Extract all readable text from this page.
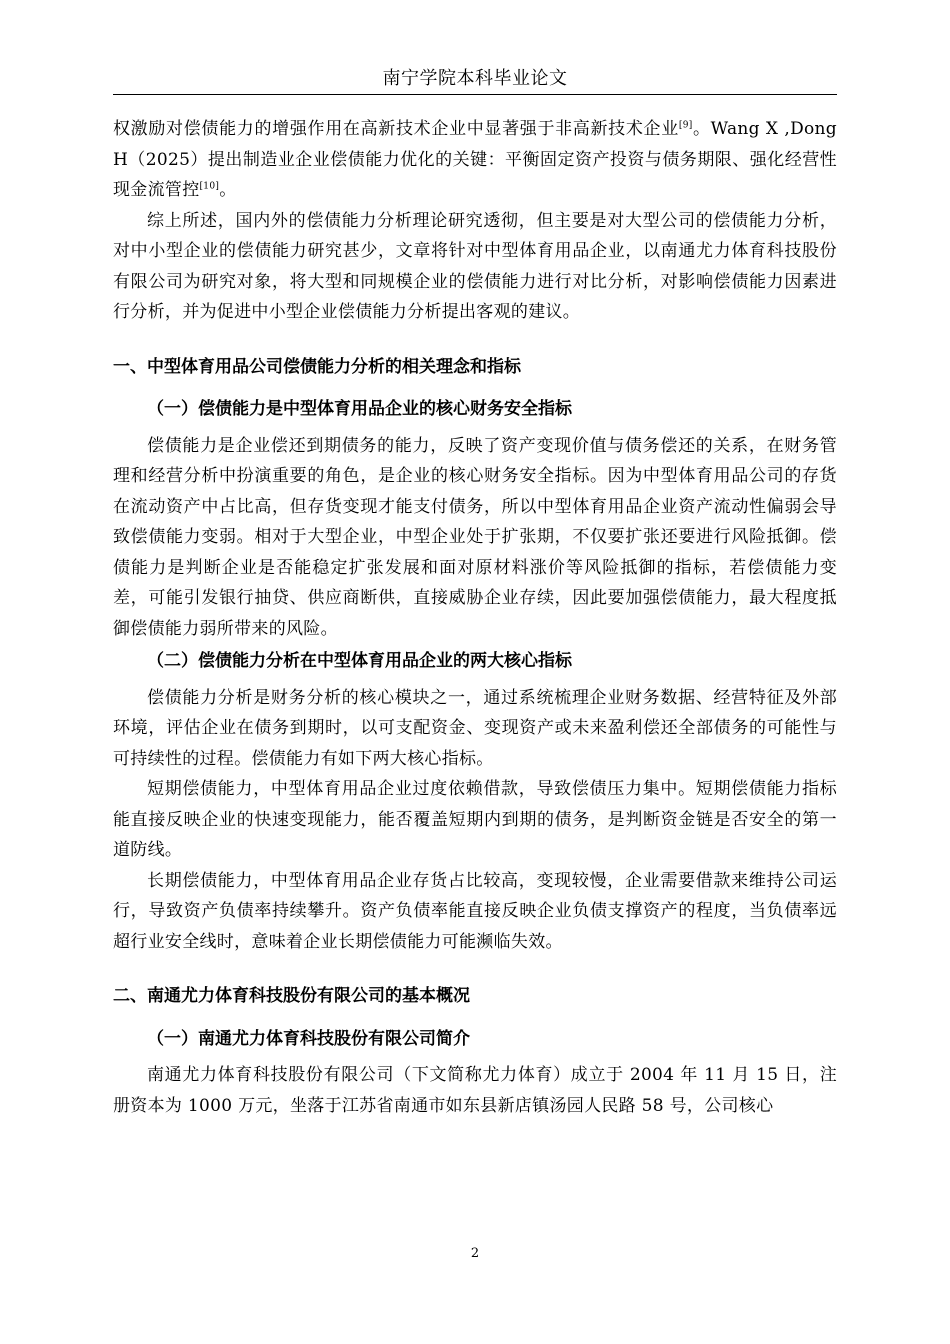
南宁学院本科毕业论文

权激励对偿债能力的增强作用在高新技术企业中显著强于非高新技术企业[9]。Wang X ,Dong H（2025）提出制造业企业偿债能力优化的关键：平衡固定资产投资与债务期限、强化经营性现金流管控[10]。

综上所述，国内外的偿债能力分析理论研究透彻，但主要是对大型公司的偿债能力分析，对中小型企业的偿债能力研究甚少，文章将针对中型体育用品企业，以南通尤力体育科技股份有限公司为研究对象，将大型和同规模企业的偿债能力进行对比分析，对影响偿债能力因素进行分析，并为促进中小型企业偿债能力分析提出客观的建议。

一、中型体育用品公司偿债能力分析的相关理念和指标

（一）偿债能力是中型体育用品企业的核心财务安全指标

偿债能力是企业偿还到期债务的能力，反映了资产变现价值与债务偿还的关系，在财务管理和经营分析中扮演重要的角色，是企业的核心财务安全指标。因为中型体育用品公司的存货在流动资产中占比高，但存货变现才能支付债务，所以中型体育用品企业资产流动性偏弱会导致偿债能力变弱。相对于大型企业，中型企业处于扩张期，不仅要扩张还要进行风险抵御。偿债能力是判断企业是否能稳定扩张发展和面对原材料涨价等风险抵御的指标，若偿债能力变差，可能引发银行抽贷、供应商断供，直接威胁企业存续，因此要加强偿债能力，最大程度抵御偿债能力弱所带来的风险。

（二）偿债能力分析在中型体育用品企业的两大核心指标

偿债能力分析是财务分析的核心模块之一，通过系统梳理企业财务数据、经营特征及外部环境，评估企业在债务到期时，以可支配资金、变现资产或未来盈利偿还全部债务的可能性与可持续性的过程。偿债能力有如下两大核心指标。

短期偿债能力，中型体育用品企业过度依赖借款，导致偿债压力集中。短期偿债能力指标能直接反映企业的快速变现能力，能否覆盖短期内到期的债务，是判断资金链是否安全的第一道防线。

长期偿债能力，中型体育用品企业存货占比较高，变现较慢，企业需要借款来维持公司运行，导致资产负债率持续攀升。资产负债率能直接反映企业负债支撑资产的程度，当负债率远超行业安全线时，意味着企业长期偿债能力可能濒临失效。

二、南通尤力体育科技股份有限公司的基本概况

（一）南通尤力体育科技股份有限公司简介

南通尤力体育科技股份有限公司（下文简称尤力体育）成立于 2004 年 11 月 15 日，注册资本为 1000 万元，坐落于江苏省南通市如东县新店镇汤园人民路 58 号，公司核心

2
